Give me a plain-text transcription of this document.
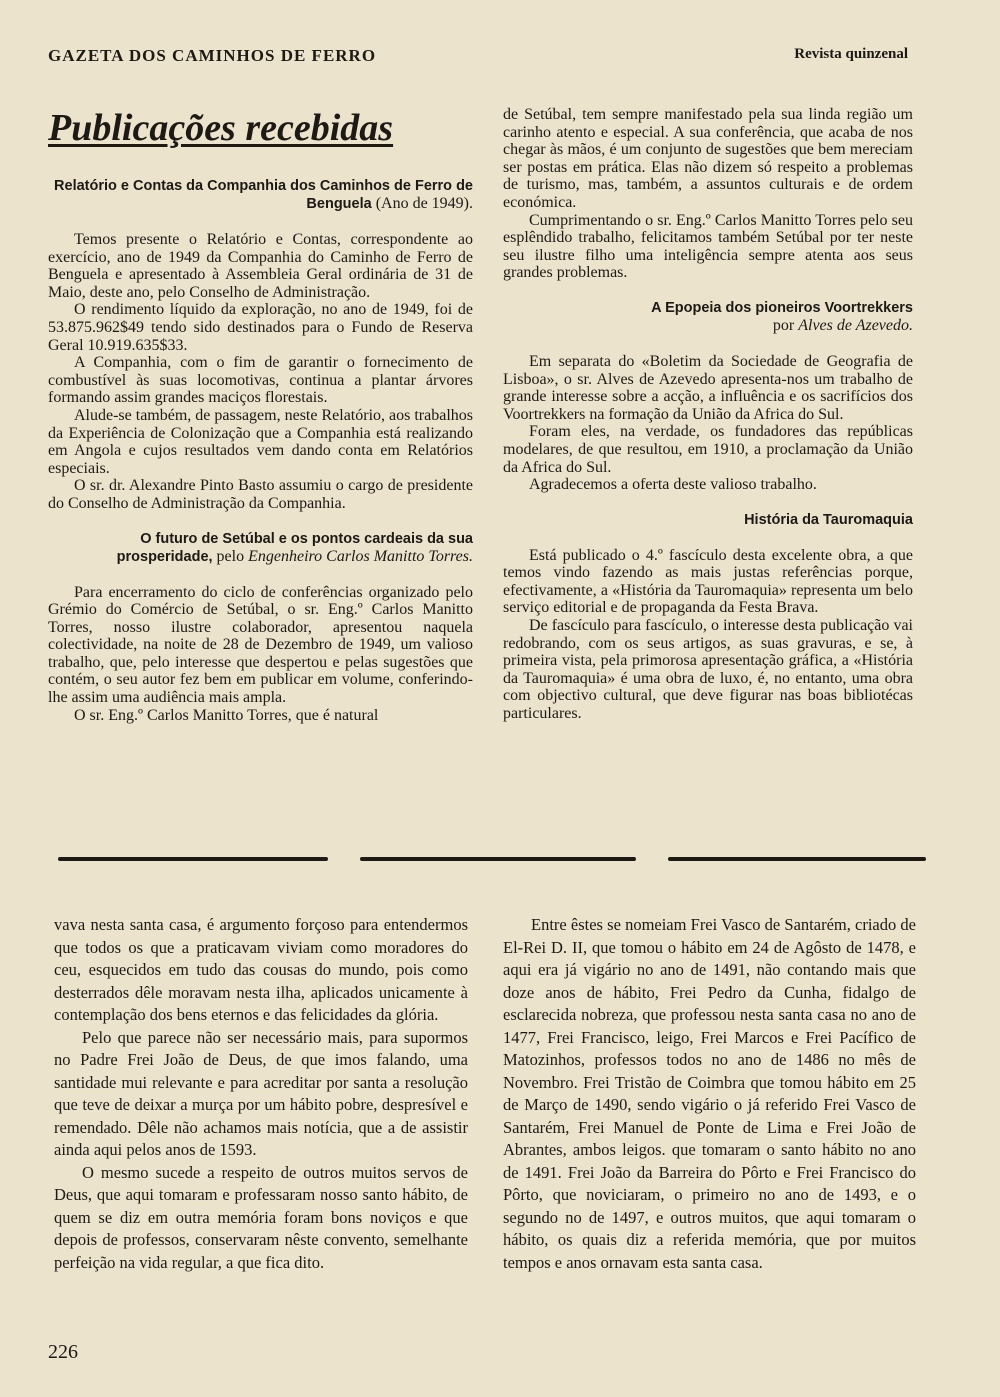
GAZETA DOS CAMINHOS DE FERRO	Revista quinzenal
Publicações recebidas

Relatório e Contas da Companhia dos Caminhos de Ferro de Benguela (Ano de 1949).

Temos presente o Relatório e Contas, correspondente ao exercício, ano de 1949 da Companhia do Caminho de Ferro de Benguela e apresentado à Assembleia Geral ordinária de 31 de Maio, deste ano, pelo Conselho de Administração.

O rendimento líquido da exploração, no ano de 1949, foi de 53.875.962$49 tendo sido destinados para o Fundo de Reserva Geral 10.919.635$33.

A Companhia, com o fim de garantir o fornecimento de combustível às suas locomotivas, continua a plantar árvores formando assim grandes maciços florestais.

Alude-se também, de passagem, neste Relatório, aos trabalhos da Experiência de Colonização que a Companhia está realizando em Angola e cujos resultados vem dando conta em Relatórios especiais.

O sr. dr. Alexandre Pinto Basto assumiu o cargo de presidente do Conselho de Administração da Companhia.

O futuro de Setúbal e os pontos cardeais da sua prosperidade, pelo Engenheiro Carlos Manitto Torres.

Para encerramento do ciclo de conferências organizado pelo Grémio do Comércio de Setúbal, o sr. Eng.º Carlos Manitto Torres, nosso ilustre colaborador, apresentou naquela colectividade, na noite de 28 de Dezembro de 1949, um valioso trabalho, que, pelo interesse que despertou e pelas sugestões que contém, o seu autor fez bem em publicar em volume, conferindo-lhe assim uma audiência mais ampla.

O sr. Eng.º Carlos Manitto Torres, que é natural

de Setúbal, tem sempre manifestado pela sua linda região um carinho atento e especial. A sua conferência, que acaba de nos chegar às mãos, é um conjunto de sugestões que bem mereciam ser postas em prática. Elas não dizem só respeito a problemas de turismo, mas, também, a assuntos culturais e de ordem económica.

Cumprimentando o sr. Eng.º Carlos Manitto Torres pelo seu esplêndido trabalho, felicitamos também Setúbal por ter neste seu ilustre filho uma inteligência sempre atenta aos seus grandes problemas.

A Epopeia dos pioneiros Voortrekkers
por Alves de Azevedo.

Em separata do «Boletim da Sociedade de Geografia de Lisboa», o sr. Alves de Azevedo apresenta-nos um trabalho de grande interesse sobre a acção, a influência e os sacrifícios dos Voortrekkers na formação da União da Africa do Sul.

Foram eles, na verdade, os fundadores das repúblicas modelares, de que resultou, em 1910, a proclamação da União da Africa do Sul.

Agradecemos a oferta deste valioso trabalho.

História da Tauromaquia

Está publicado o 4.º fascículo desta excelente obra, a que temos vindo fazendo as mais justas referências porque, efectivamente, a «História da Tauromaquia» representa um belo serviço editorial e de propaganda da Festa Brava.

De fascículo para fascículo, o interesse desta publicação vai redobrando, com os seus artigos, as suas gravuras, e se, à primeira vista, pela primorosa apresentação gráfica, a «História da Tauromaquia» é uma obra de luxo, é, no entanto, uma obra com objectivo cultural, que deve figurar nas boas bibliotécas particulares.

vava nesta santa casa, é argumento forçoso para entendermos que todos os que a praticavam viviam como moradores do ceu, esquecidos em tudo das cousas do mundo, pois como desterrados dêle moravam nesta ilha, aplicados unicamente à contemplação dos bens eternos e das felicidades da glória.

Pelo que parece não ser necessário mais, para supormos no Padre Frei João de Deus, de que imos falando, uma santidade mui relevante e para acreditar por santa a resolução que teve de deixar a murça por um hábito pobre, despresível e remendado. Dêle não achamos mais notícia, que a de assistir ainda aqui pelos anos de 1593.

O mesmo sucede a respeito de outros muitos servos de Deus, que aqui tomaram e professaram nosso santo hábito, de quem se diz em outra memória foram bons noviços e que depois de professos, conservaram nêste convento, semelhante perfeição na vida regular, a que fica dito.

Entre êstes se nomeiam Frei Vasco de Santarém, criado de El-Rei D. II, que tomou o hábito em 24 de Agôsto de 1478, e aqui era já vigário no ano de 1491, não contando mais que doze anos de hábito, Frei Pedro da Cunha, fidalgo de esclarecida nobreza, que professou nesta santa casa no ano de 1477, Frei Francisco, leigo, Frei Marcos e Frei Pacífico de Matozinhos, professos todos no ano de 1486 no mês de Novembro. Frei Tristão de Coimbra que tomou hábito em 25 de Março de 1490, sendo vigário o já referido Frei Vasco de Santarém, Frei Manuel de Ponte de Lima e Frei João de Abrantes, ambos leigos. que tomaram o santo hábito no ano de 1491. Frei João da Barreira do Pôrto e Frei Francisco do Pôrto, que noviciaram, o primeiro no ano de 1493, e o segundo no de 1497, e outros muitos, que aqui tomaram o hábito, os quais diz a referida memória, que por muitos tempos e anos ornavam esta santa casa.

226
